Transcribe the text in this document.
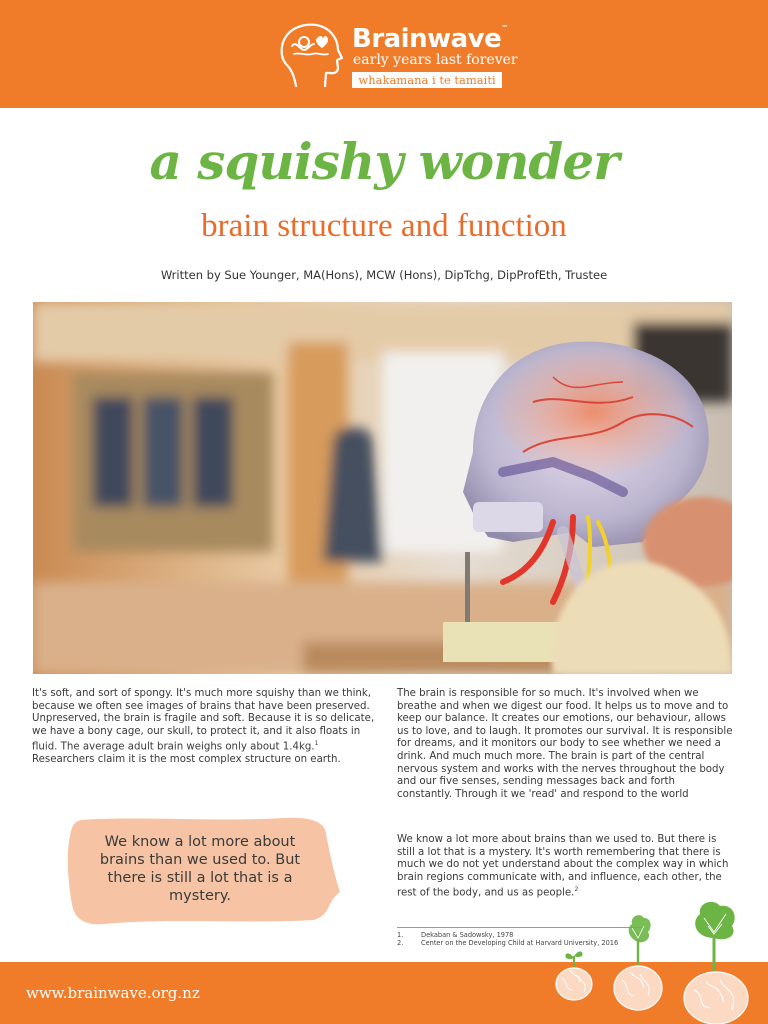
Brainwave™
early years last forever
whakamana i te tamaiti
a squishy wonder
brain structure and function
Written by Sue Younger, MA(Hons), MCW (Hons), DipTchg, DipProfEth, Trustee
It's soft, and sort of spongy. It's much more squishy than we think, because we often see images of brains that have been preserved. Unpreserved, the brain is fragile and soft. Because it is so delicate, we have a bony cage, our skull, to protect it, and it also floats in fluid. The average adult brain weighs only about 1.4kg.$^1$ Researchers claim it is the most complex structure on earth.
We know a lot more about brains than we used to. But there is still a lot that is a mystery.
The brain is responsible for so much. It's involved when we breathe and when we digest our food. It helps us to move and to keep our balance. It creates our emotions, our behaviour, allows us to love, and to laugh. It promotes our survival. It is responsible for dreams, and it monitors our body to see whether we need a drink. And much much more. The brain is part of the central nervous system and works with the nerves throughout the body and our five senses, sending messages back and forth constantly. Through it we 'read' and respond to the world
We know a lot more about brains than we used to. But there is still a lot that is a mystery. It's worth remembering that there is much we do not yet understand about the complex way in which brain regions communicate with, and influence, each other, the rest of the body, and us as people.$^2$
1.	Dekaban & Sadowsky, 1978
2.	Center on the Developing Child at Harvard University, 2016
www.brainwave.org.nz
